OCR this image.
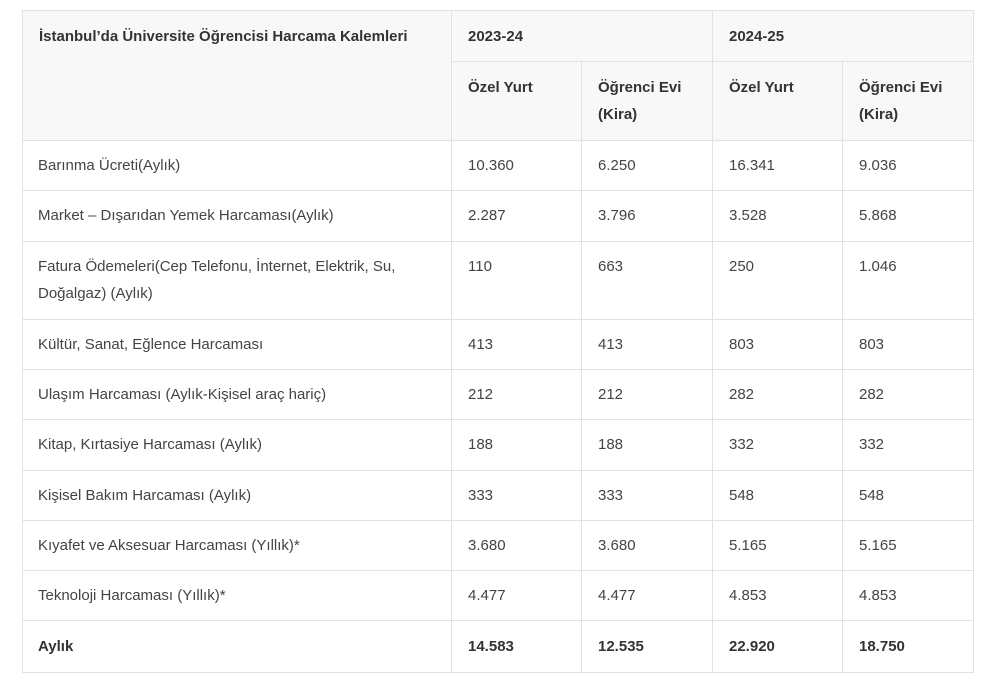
İstanbul’da Üniversite Öğrencisi Harcama Kalemleri	2023-24		2024-25	
	Özel Yurt	Öğrenci Evi (Kira)	Özel Yurt	Öğrenci Evi (Kira)
Barınma Ücreti(Aylık)	10.360	6.250	16.341	9.036
Market – Dışarıdan Yemek Harcaması(Aylık)	2.287	3.796	3.528	5.868
Fatura Ödemeleri(Cep Telefonu, İnternet, Elektrik, Su, Doğalgaz) (Aylık)	110	663	250	1.046
Kültür, Sanat, Eğlence Harcaması	413	413	803	803
Ulaşım Harcaması (Aylık-Kişisel araç hariç)	212	212	282	282
Kitap, Kırtasiye Harcaması (Aylık)	188	188	332	332
Kişisel Bakım Harcaması (Aylık)	333	333	548	548
Kıyafet ve Aksesuar Harcaması (Yıllık)*	3.680	3.680	5.165	5.165
Teknoloji Harcaması (Yıllık)*	4.477	4.477	4.853	4.853
Aylık	14.583	12.535	22.920	18.750
